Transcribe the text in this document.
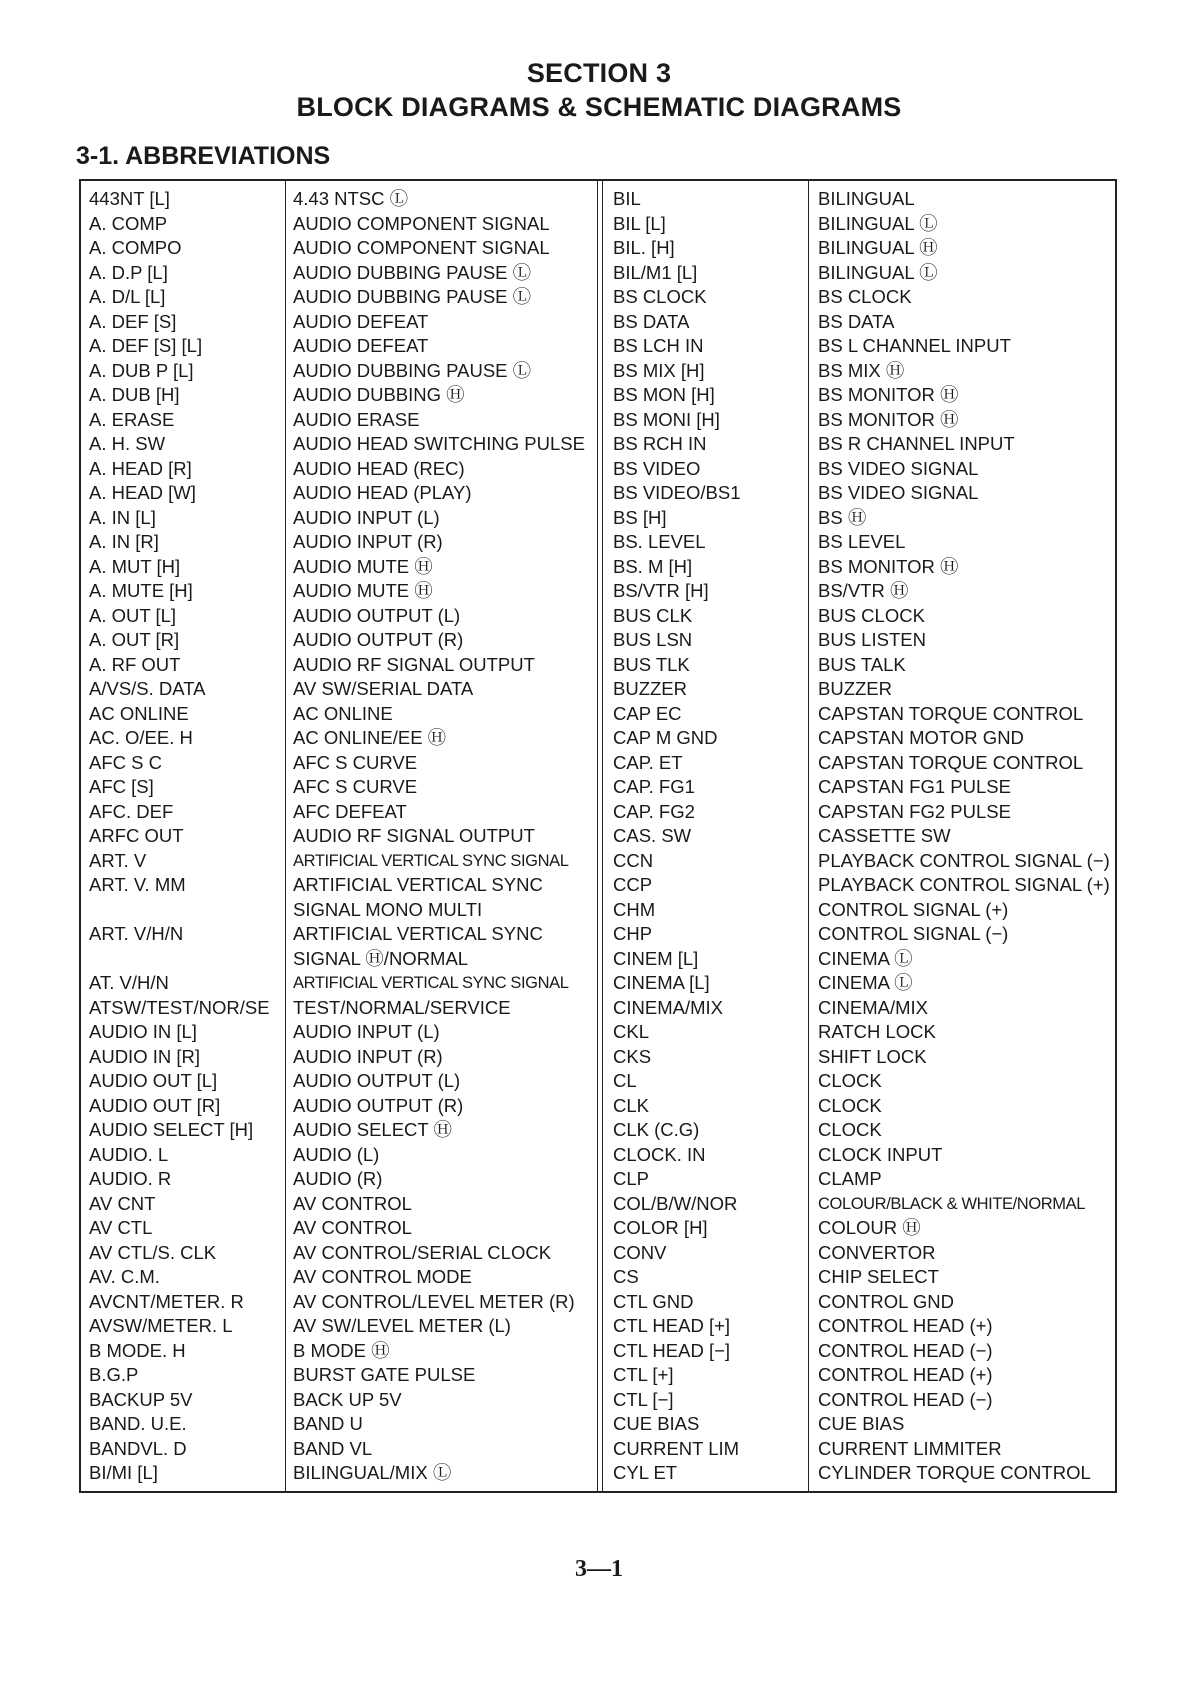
SECTION 3
BLOCK DIAGRAMS & SCHEMATIC DIAGRAMS
3-1. ABBREVIATIONS
443NT [L]
A. COMP
A. COMPO
A. D.P [L]
A. D/L [L]
A. DEF [S]
A. DEF [S] [L]
A. DUB P [L]
A. DUB [H]
A. ERASE
A. H. SW
A. HEAD [R]
A. HEAD [W]
A. IN [L]
A. IN [R]
A. MUT [H]
A. MUTE [H]
A. OUT [L]
A. OUT [R]
A. RF OUT
A/VS/S. DATA
AC ONLINE
AC. O/EE. H
AFC S C
AFC [S]
AFC. DEF
ARFC OUT
ART. V
ART. V. MM
ART. V/H/N
AT. V/H/N
ATSW/TEST/NOR/SE
AUDIO IN [L]
AUDIO IN [R]
AUDIO OUT [L]
AUDIO OUT [R]
AUDIO SELECT [H]
AUDIO. L
AUDIO. R
AV CNT
AV CTL
AV CTL/S. CLK
AV. C.M.
AVCNT/METER. R
AVSW/METER. L
B MODE. H
B.G.P
BACKUP 5V
BAND. U.E.
BANDVL. D
BI/MI [L]
4.43 NTSC Ⓛ
AUDIO COMPONENT SIGNAL
AUDIO COMPONENT SIGNAL
AUDIO DUBBING PAUSE Ⓛ
AUDIO DUBBING PAUSE Ⓛ
AUDIO DEFEAT
AUDIO DEFEAT
AUDIO DUBBING PAUSE Ⓛ
AUDIO DUBBING Ⓗ
AUDIO ERASE
AUDIO HEAD SWITCHING PULSE
AUDIO HEAD (REC)
AUDIO HEAD (PLAY)
AUDIO INPUT (L)
AUDIO INPUT (R)
AUDIO MUTE Ⓗ
AUDIO MUTE Ⓗ
AUDIO OUTPUT (L)
AUDIO OUTPUT (R)
AUDIO RF SIGNAL OUTPUT
AV SW/SERIAL DATA
AC ONLINE
AC ONLINE/EE Ⓗ
AFC S CURVE
AFC S CURVE
AFC DEFEAT
AUDIO RF SIGNAL OUTPUT
ARTIFICIAL VERTICAL SYNC SIGNAL
ARTIFICIAL VERTICAL SYNC
SIGNAL MONO MULTI
ARTIFICIAL VERTICAL SYNC
SIGNAL Ⓗ/NORMAL
ARTIFICIAL VERTICAL SYNC SIGNAL
TEST/NORMAL/SERVICE
AUDIO INPUT (L)
AUDIO INPUT (R)
AUDIO OUTPUT (L)
AUDIO OUTPUT (R)
AUDIO SELECT Ⓗ
AUDIO (L)
AUDIO (R)
AV CONTROL
AV CONTROL
AV CONTROL/SERIAL CLOCK
AV CONTROL MODE
AV CONTROL/LEVEL METER (R)
AV SW/LEVEL METER (L)
B MODE Ⓗ
BURST GATE PULSE
BACK UP 5V
BAND U
BAND VL
BILINGUAL/MIX Ⓛ
BIL
BIL [L]
BIL. [H]
BIL/M1 [L]
BS CLOCK
BS DATA
BS LCH IN
BS MIX [H]
BS MON [H]
BS MONI [H]
BS RCH IN
BS VIDEO
BS VIDEO/BS1
BS [H]
BS. LEVEL
BS. M [H]
BS/VTR [H]
BUS CLK
BUS LSN
BUS TLK
BUZZER
CAP EC
CAP M GND
CAP. ET
CAP. FG1
CAP. FG2
CAS. SW
CCN
CCP
CHM
CHP
CINEM [L]
CINEMA [L]
CINEMA/MIX
CKL
CKS
CL
CLK
CLK (C.G)
CLOCK. IN
CLP
COL/B/W/NOR
COLOR [H]
CONV
CS
CTL GND
CTL HEAD [+]
CTL HEAD [−]
CTL [+]
CTL [−]
CUE BIAS
CURRENT LIM
CYL ET
BILINGUAL
BILINGUAL Ⓛ
BILINGUAL Ⓗ
BILINGUAL Ⓛ
BS CLOCK
BS DATA
BS L CHANNEL INPUT
BS MIX Ⓗ
BS MONITOR Ⓗ
BS MONITOR Ⓗ
BS R CHANNEL INPUT
BS VIDEO SIGNAL
BS VIDEO SIGNAL
BS Ⓗ
BS LEVEL
BS MONITOR Ⓗ
BS/VTR Ⓗ
BUS CLOCK
BUS LISTEN
BUS TALK
BUZZER
CAPSTAN TORQUE CONTROL
CAPSTAN MOTOR GND
CAPSTAN TORQUE CONTROL
CAPSTAN FG1 PULSE
CAPSTAN FG2 PULSE
CASSETTE SW
PLAYBACK CONTROL SIGNAL (−)
PLAYBACK CONTROL SIGNAL (+)
CONTROL SIGNAL (+)
CONTROL SIGNAL (−)
CINEMA Ⓛ
CINEMA Ⓛ
CINEMA/MIX
RATCH LOCK
SHIFT LOCK
CLOCK
CLOCK
CLOCK
CLOCK INPUT
CLAMP
COLOUR/BLACK & WHITE/NORMAL
COLOUR Ⓗ
CONVERTOR
CHIP SELECT
CONTROL GND
CONTROL HEAD (+)
CONTROL HEAD (−)
CONTROL HEAD (+)
CONTROL HEAD (−)
CUE BIAS
CURRENT LIMMITER
CYLINDER TORQUE CONTROL
3—1
